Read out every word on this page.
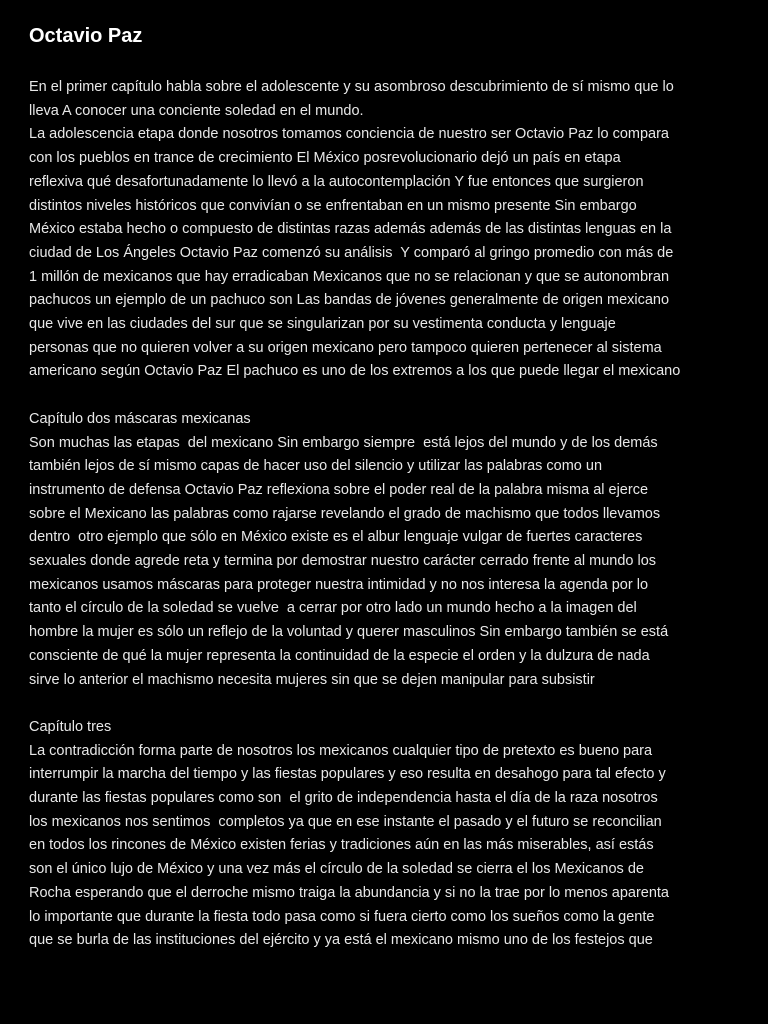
Octavio Paz
En el primer capítulo habla sobre el adolescente y su asombroso descubrimiento de sí mismo que lo
lleva A conocer una conciente soledad en el mundo.
La adolescencia etapa donde nosotros tomamos conciencia de nuestro ser Octavio Paz lo compara
con los pueblos en trance de crecimiento El México posrevolucionario dejó un país en etapa
reflexiva qué desafortunadamente lo llevó a la autocontemplación Y fue entonces que surgieron
distintos niveles históricos que convivían o se enfrentaban en un mismo presente Sin embargo
México estaba hecho o compuesto de distintas razas además además de las distintas lenguas en la
ciudad de Los Ángeles Octavio Paz comenzó su análisis  Y comparó al gringo promedio con más de
1 millón de mexicanos que hay erradicaban Mexicanos que no se relacionan y que se autonombran
pachucos un ejemplo de un pachuco son Las bandas de jóvenes generalmente de origen mexicano
que vive en las ciudades del sur que se singularizan por su vestimenta conducta y lenguaje
personas que no quieren volver a su origen mexicano pero tampoco quieren pertenecer al sistema
americano según Octavio Paz El pachuco es uno de los extremos a los que puede llegar el mexicano
Capítulo dos máscaras mexicanas
Son muchas las etapas  del mexicano Sin embargo siempre  está lejos del mundo y de los demás
también lejos de sí mismo capas de hacer uso del silencio y utilizar las palabras como un
instrumento de defensa Octavio Paz reflexiona sobre el poder real de la palabra misma al ejerce
sobre el Mexicano las palabras como rajarse revelando el grado de machismo que todos llevamos
dentro  otro ejemplo que sólo en México existe es el albur lenguaje vulgar de fuertes caracteres
sexuales donde agrede reta y termina por demostrar nuestro carácter cerrado frente al mundo los
mexicanos usamos máscaras para proteger nuestra intimidad y no nos interesa la agenda por lo
tanto el círculo de la soledad se vuelve  a cerrar por otro lado un mundo hecho a la imagen del
hombre la mujer es sólo un reflejo de la voluntad y querer masculinos Sin embargo también se está
consciente de qué la mujer representa la continuidad de la especie el orden y la dulzura de nada
sirve lo anterior el machismo necesita mujeres sin que se dejen manipular para subsistir
Capítulo tres
La contradicción forma parte de nosotros los mexicanos cualquier tipo de pretexto es bueno para
interrumpir la marcha del tiempo y las fiestas populares y eso resulta en desahogo para tal efecto y
durante las fiestas populares como son  el grito de independencia hasta el día de la raza nosotros
los mexicanos nos sentimos  completos ya que en ese instante el pasado y el futuro se reconcilian
en todos los rincones de México existen ferias y tradiciones aún en las más miserables, así estás
son el único lujo de México y una vez más el círculo de la soledad se cierra el los Mexicanos de
Rocha esperando que el derroche mismo traiga la abundancia y si no la trae por lo menos aparenta
lo importante que durante la fiesta todo pasa como si fuera cierto como los sueños como la gente
que se burla de las instituciones del ejército y ya está el mexicano mismo uno de los festejos que
